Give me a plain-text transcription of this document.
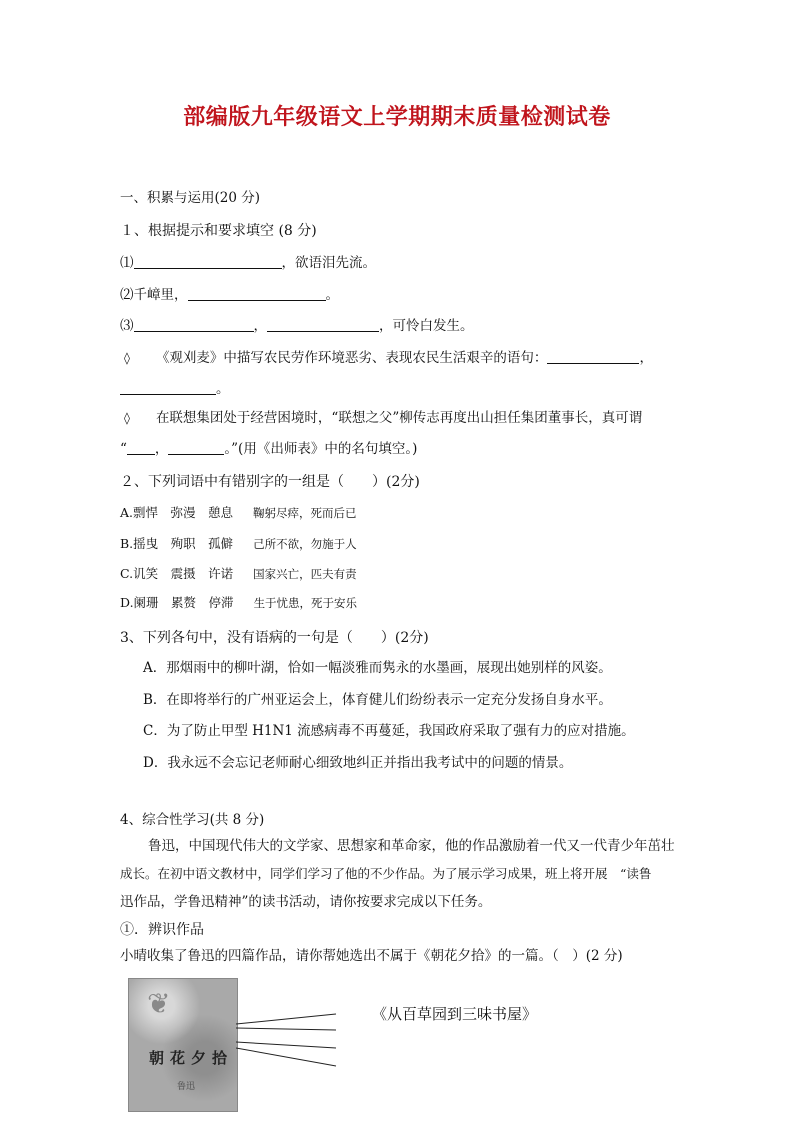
部编版九年级语文上学期期末质量检测试卷
一、积累与运用(20 分)
１、根据提示和要求填空 (8 分)
⑴	，欲语泪先流。
⑵千嶂里，	。
⑶	，	，可怜白发生。
◊ 《观刈麦》中描写农民劳作环境恶劣、表现农民生活艰辛的语句：	，
。
◊ 在联想集团处于经营困境时，“联想之父”柳传志再度出山担任集团董事长，真可谓
“ ，	。”(用《出师表》中的名句填空。)
２、下列词语中有错别字的一组是（　　）(2分)
A.剽悍　弥漫　憩息 鞠躬尽瘁，死而后已
B.摇曳　殉职　孤僻 己所不欲，勿施于人
C.讥笑　震摄　许诺 国家兴亡，匹夫有责
D.阑珊　累赘　停滞 生于忧患，死于安乐
3、下列各句中，没有语病的一句是（　　）(2分)
A．那烟雨中的柳叶湖，恰如一幅淡雅而隽永的水墨画，展现出她别样的风姿。
B．在即将举行的广州亚运会上，体育健儿们纷纷表示一定充分发扬自身水平。
C．为了防止甲型 H1N1 流感病毒不再蔓延，我国政府采取了强有力的应对措施。
D．我永远不会忘记老师耐心细致地纠正并指出我考试中的问题的情景。
4、综合性学习(共 8 分)
鲁迅，中国现代伟大的文学家、思想家和革命家，他的作品激励着一代又一代青少年茁壮
成长。在初中语文教材中，同学们学习了他的不少作品。为了展示学习成果，班上将开展　“读鲁
迅作品，学鲁迅精神”的读书活动，请你按要求完成以下任务。
①．辨识作品
小晴收集了鲁迅的四篇作品，请你帮她选出不属于《朝花夕拾》的一篇。（　）(2 分)
❦
朝花夕拾
鲁迅
《从百草园到三味书屋》
